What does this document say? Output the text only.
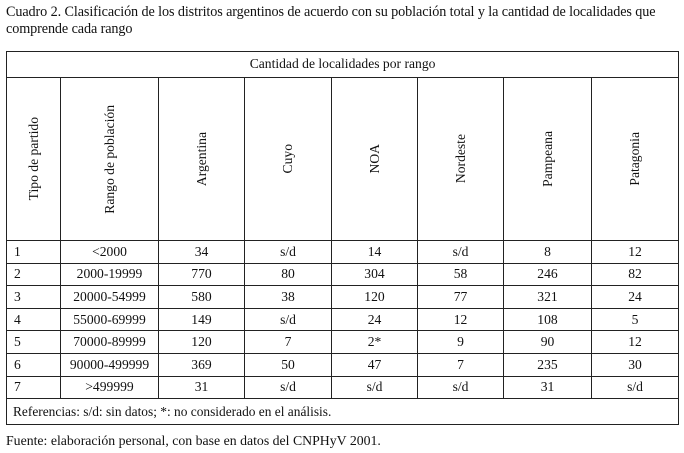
Cuadro 2. Clasificación de los distritos argentinos de acuerdo con su población total y la cantidad de localidades que comprende cada rango
Cantidad de localidades por rango							

Tipo de partido	Rango de población	Argentina	Cuyo	NOA	Nordeste	Pampeana	Patagonia

1	<2000	34	s/d	14	s/d	8	12
2	2000-19999	770	80	304	58	246	82
3	20000-54999	580	38	120	77	321	24
4	55000-69999	149	s/d	24	12	108	5
5	70000-89999	120	7	2*	9	90	12
6	90000-499999	369	50	47	7	235	30
7	>499999	31	s/d	s/d	s/d	31	s/d
Referencias: s/d: sin datos; *: no considerado en el análisis.							
Fuente: elaboración personal, con base en datos del CNPHyV 2001.
